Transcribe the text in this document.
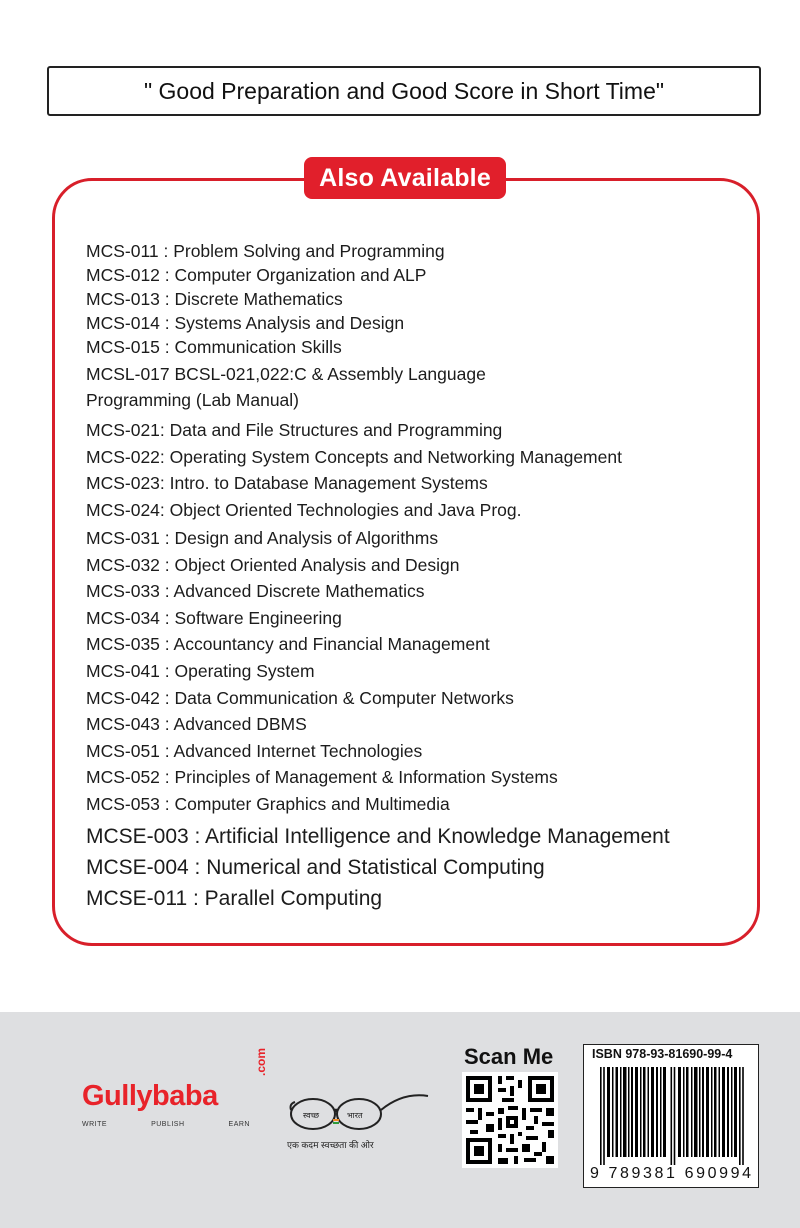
" Good Preparation and Good Score in Short Time"
Also Available
MCS-011 : Problem Solving and Programming
MCS-012 : Computer Organization and ALP
MCS-013 : Discrete Mathematics
MCS-014 : Systems Analysis and Design
MCS-015 : Communication Skills
MCSL-017 BCSL-021,022:C & Assembly Language Programming (Lab Manual)
MCS-021: Data and File Structures and Programming
MCS-022: Operating System Concepts and Networking Management
MCS-023: Intro. to Database Management Systems
MCS-024: Object Oriented Technologies and Java Prog.
MCS-031 : Design and Analysis of Algorithms
MCS-032 : Object Oriented Analysis and Design
MCS-033 : Advanced Discrete Mathematics
MCS-034 : Software Engineering
MCS-035 : Accountancy and Financial Management
MCS-041 : Operating System
MCS-042 : Data Communication & Computer Networks
MCS-043 : Advanced DBMS
MCS-051 : Advanced Internet Technologies
MCS-052 : Principles of Management & Information Systems
MCS-053 : Computer Graphics and Multimedia
MCSE-003 : Artificial Intelligence and Knowledge Management
MCSE-004 : Numerical and Statistical Computing
MCSE-011 : Parallel Computing
Gullybaba
.com
WRITE	PUBLISH	EARN
स्वच्छ	भारत
एक कदम स्वच्छता की ओर
Scan Me	ISBN 978-93-81690-99-4
9 789381 690994
